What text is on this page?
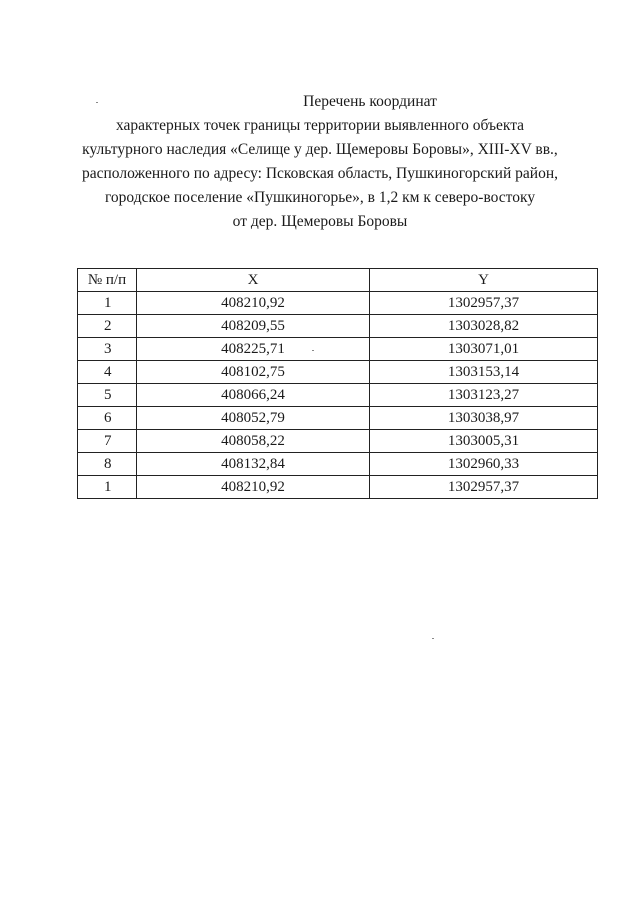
Перечень координат
характерных точек границы территории выявленного объекта
культурного наследия «Селище у дер. Щемеровы Боровы», XIII-XV вв.,
расположенного по адресу: Псковская область, Пушкиногорский район,
городское поселение «Пушкиногорье», в 1,2 км к северо-востоку
от дер. Щемеровы Боровы
№ п/п	X	Y
1	408210,92	1302957,37
2	408209,55	1303028,82
3	408225,71	1303071,01
4	408102,75	1303153,14
5	408066,24	1303123,27
6	408052,79	1303038,97
7	408058,22	1303005,31
8	408132,84	1302960,33
1	408210,92	1302957,37
